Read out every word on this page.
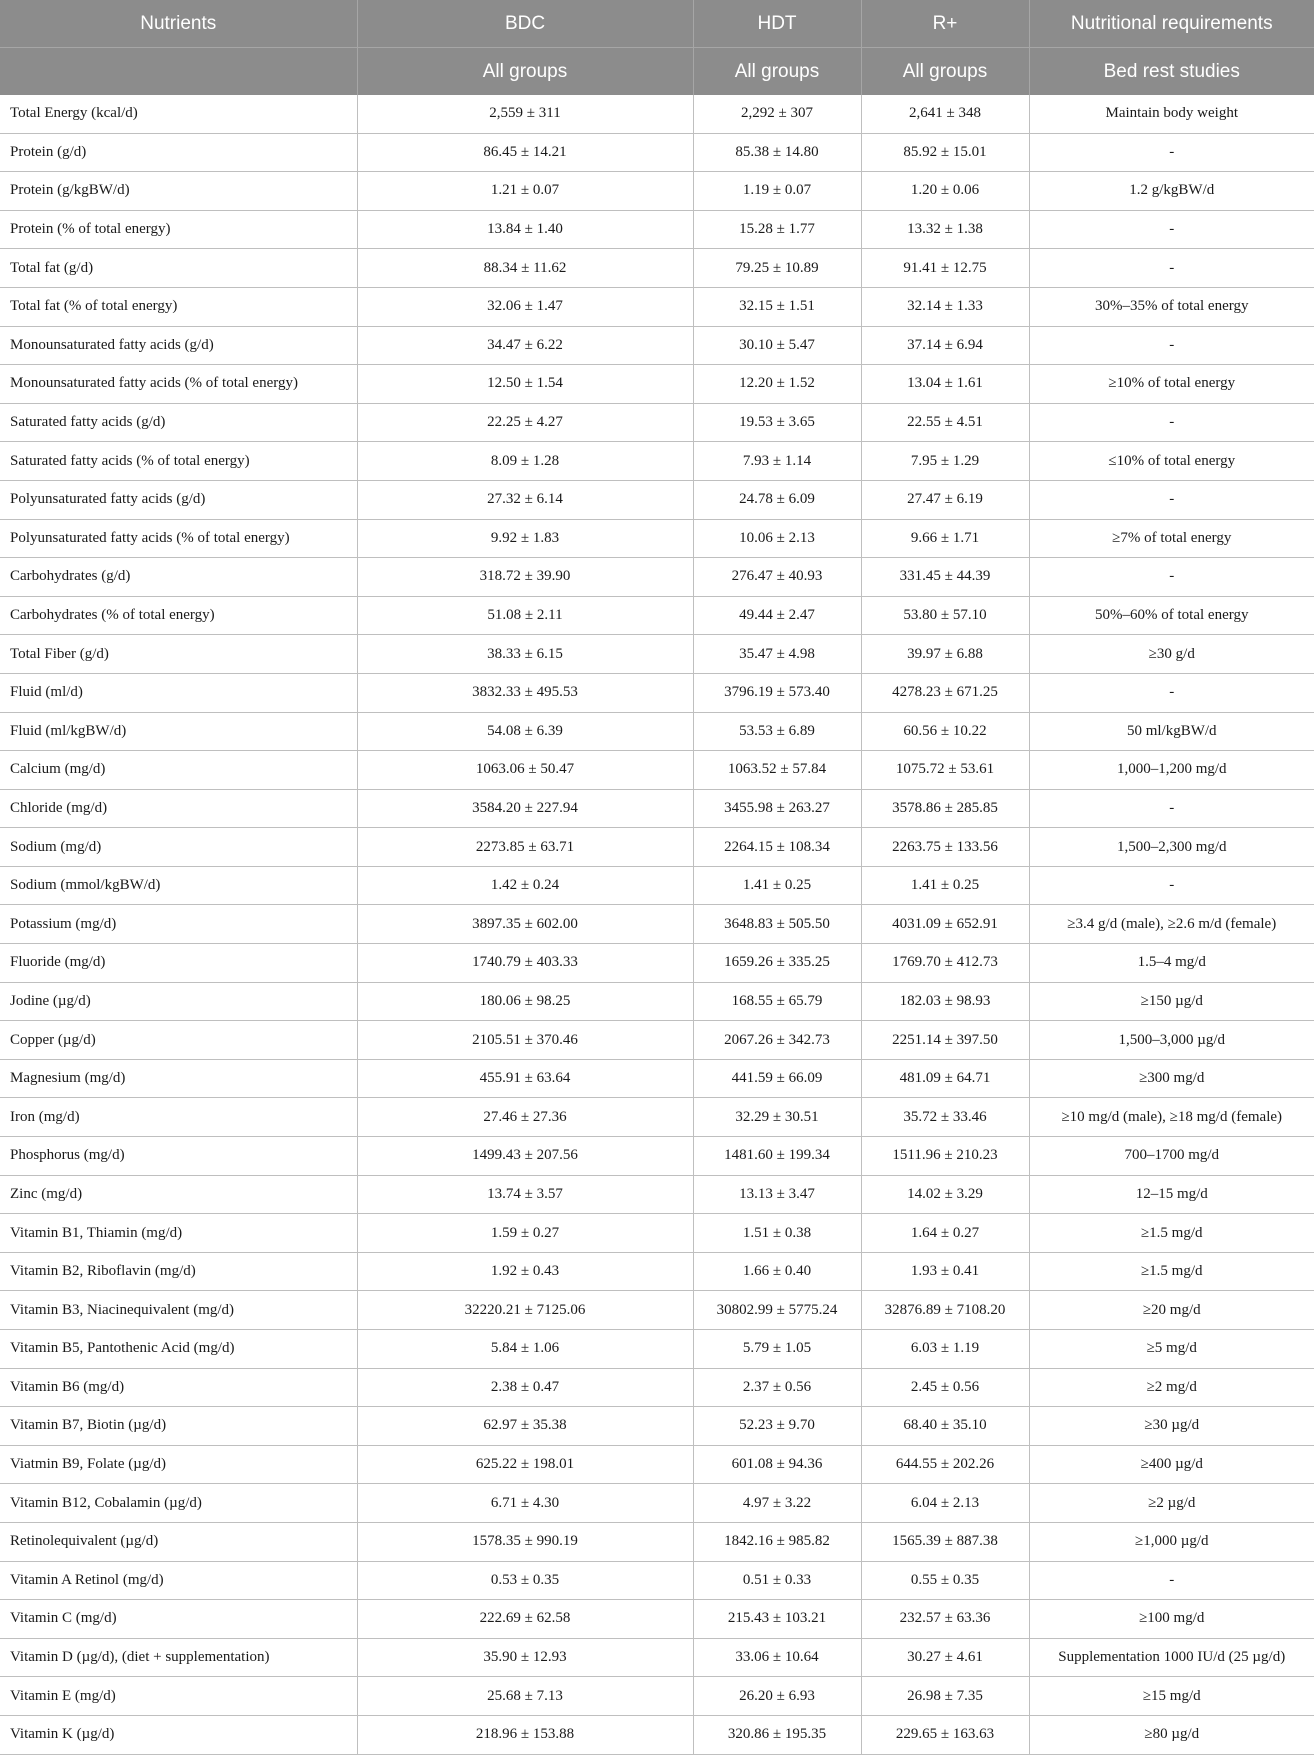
Nutrients	BDC	HDT	R+	Nutritional requirements
	All groups	All groups	All groups	Bed rest studies
Total Energy (kcal/d)	2,559 ± 311	2,292 ± 307	2,641 ± 348	Maintain body weight
Protein (g/d)	86.45 ± 14.21	85.38 ± 14.80	85.92 ± 15.01	-
Protein (g/kgBW/d)	1.21 ± 0.07	1.19 ± 0.07	1.20 ± 0.06	1.2 g/kgBW/d
Protein (% of total energy)	13.84 ± 1.40	15.28 ± 1.77	13.32 ± 1.38	-
Total fat (g/d)	88.34 ± 11.62	79.25 ± 10.89	91.41 ± 12.75	-
Total fat (% of total energy)	32.06 ± 1.47	32.15 ± 1.51	32.14 ± 1.33	30%–35% of total energy
Monounsaturated fatty acids (g/d)	34.47 ± 6.22	30.10 ± 5.47	37.14 ± 6.94	-
Monounsaturated fatty acids (% of total energy)	12.50 ± 1.54	12.20 ± 1.52	13.04 ± 1.61	≥10% of total energy
Saturated fatty acids (g/d)	22.25 ± 4.27	19.53 ± 3.65	22.55 ± 4.51	-
Saturated fatty acids (% of total energy)	8.09 ± 1.28	7.93 ± 1.14	7.95 ± 1.29	≤10% of total energy
Polyunsaturated fatty acids (g/d)	27.32 ± 6.14	24.78 ± 6.09	27.47 ± 6.19	-
Polyunsaturated fatty acids (% of total energy)	9.92 ± 1.83	10.06 ± 2.13	9.66 ± 1.71	≥7% of total energy
Carbohydrates (g/d)	318.72 ± 39.90	276.47 ± 40.93	331.45 ± 44.39	-
Carbohydrates (% of total energy)	51.08 ± 2.11	49.44 ± 2.47	53.80 ± 57.10	50%–60% of total energy
Total Fiber (g/d)	38.33 ± 6.15	35.47 ± 4.98	39.97 ± 6.88	≥30 g/d
Fluid (ml/d)	3832.33 ± 495.53	3796.19 ± 573.40	4278.23 ± 671.25	-
Fluid (ml/kgBW/d)	54.08 ± 6.39	53.53 ± 6.89	60.56 ± 10.22	50 ml/kgBW/d
Calcium (mg/d)	1063.06 ± 50.47	1063.52 ± 57.84	1075.72 ± 53.61	1,000–1,200 mg/d
Chloride (mg/d)	3584.20 ± 227.94	3455.98 ± 263.27	3578.86 ± 285.85	-
Sodium (mg/d)	2273.85 ± 63.71	2264.15 ± 108.34	2263.75 ± 133.56	1,500–2,300 mg/d
Sodium (mmol/kgBW/d)	1.42 ± 0.24	1.41 ± 0.25	1.41 ± 0.25	-
Potassium (mg/d)	3897.35 ± 602.00	3648.83 ± 505.50	4031.09 ± 652.91	≥3.4 g/d (male), ≥2.6 m/d (female)
Fluoride (mg/d)	1740.79 ± 403.33	1659.26 ± 335.25	1769.70 ± 412.73	1.5–4 mg/d
Jodine (µg/d)	180.06 ± 98.25	168.55 ± 65.79	182.03 ± 98.93	≥150 µg/d
Copper (µg/d)	2105.51 ± 370.46	2067.26 ± 342.73	2251.14 ± 397.50	1,500–3,000 µg/d
Magnesium (mg/d)	455.91 ± 63.64	441.59 ± 66.09	481.09 ± 64.71	≥300 mg/d
Iron (mg/d)	27.46 ± 27.36	32.29 ± 30.51	35.72 ± 33.46	≥10 mg/d (male), ≥18 mg/d (female)
Phosphorus (mg/d)	1499.43 ± 207.56	1481.60 ± 199.34	1511.96 ± 210.23	700–1700 mg/d
Zinc (mg/d)	13.74 ± 3.57	13.13 ± 3.47	14.02 ± 3.29	12–15 mg/d
Vitamin B1, Thiamin (mg/d)	1.59 ± 0.27	1.51 ± 0.38	1.64 ± 0.27	≥1.5 mg/d
Vitamin B2, Riboflavin (mg/d)	1.92 ± 0.43	1.66 ± 0.40	1.93 ± 0.41	≥1.5 mg/d
Vitamin B3, Niacinequivalent (mg/d)	32220.21 ± 7125.06	30802.99 ± 5775.24	32876.89 ± 7108.20	≥20 mg/d
Vitamin B5, Pantothenic Acid (mg/d)	5.84 ± 1.06	5.79 ± 1.05	6.03 ± 1.19	≥5 mg/d
Vitamin B6 (mg/d)	2.38 ± 0.47	2.37 ± 0.56	2.45 ± 0.56	≥2 mg/d
Vitamin B7, Biotin (µg/d)	62.97 ± 35.38	52.23 ± 9.70	68.40 ± 35.10	≥30 µg/d
Viatmin B9, Folate (µg/d)	625.22 ± 198.01	601.08 ± 94.36	644.55 ± 202.26	≥400 µg/d
Vitamin B12, Cobalamin (µg/d)	6.71 ± 4.30	4.97 ± 3.22	6.04 ± 2.13	≥2 µg/d
Retinolequivalent (µg/d)	1578.35 ± 990.19	1842.16 ± 985.82	1565.39 ± 887.38	≥1,000 µg/d
Vitamin A Retinol (mg/d)	0.53 ± 0.35	0.51 ± 0.33	0.55 ± 0.35	-
Vitamin C (mg/d)	222.69 ± 62.58	215.43 ± 103.21	232.57 ± 63.36	≥100 mg/d
Vitamin D (µg/d), (diet + supplementation)	35.90 ± 12.93	33.06 ± 10.64	30.27 ± 4.61	Supplementation 1000 IU/d (25 µg/d)
Vitamin E (mg/d)	25.68 ± 7.13	26.20 ± 6.93	26.98 ± 7.35	≥15 mg/d
Vitamin K (µg/d)	218.96 ± 153.88	320.86 ± 195.35	229.65 ± 163.63	≥80 µg/d
